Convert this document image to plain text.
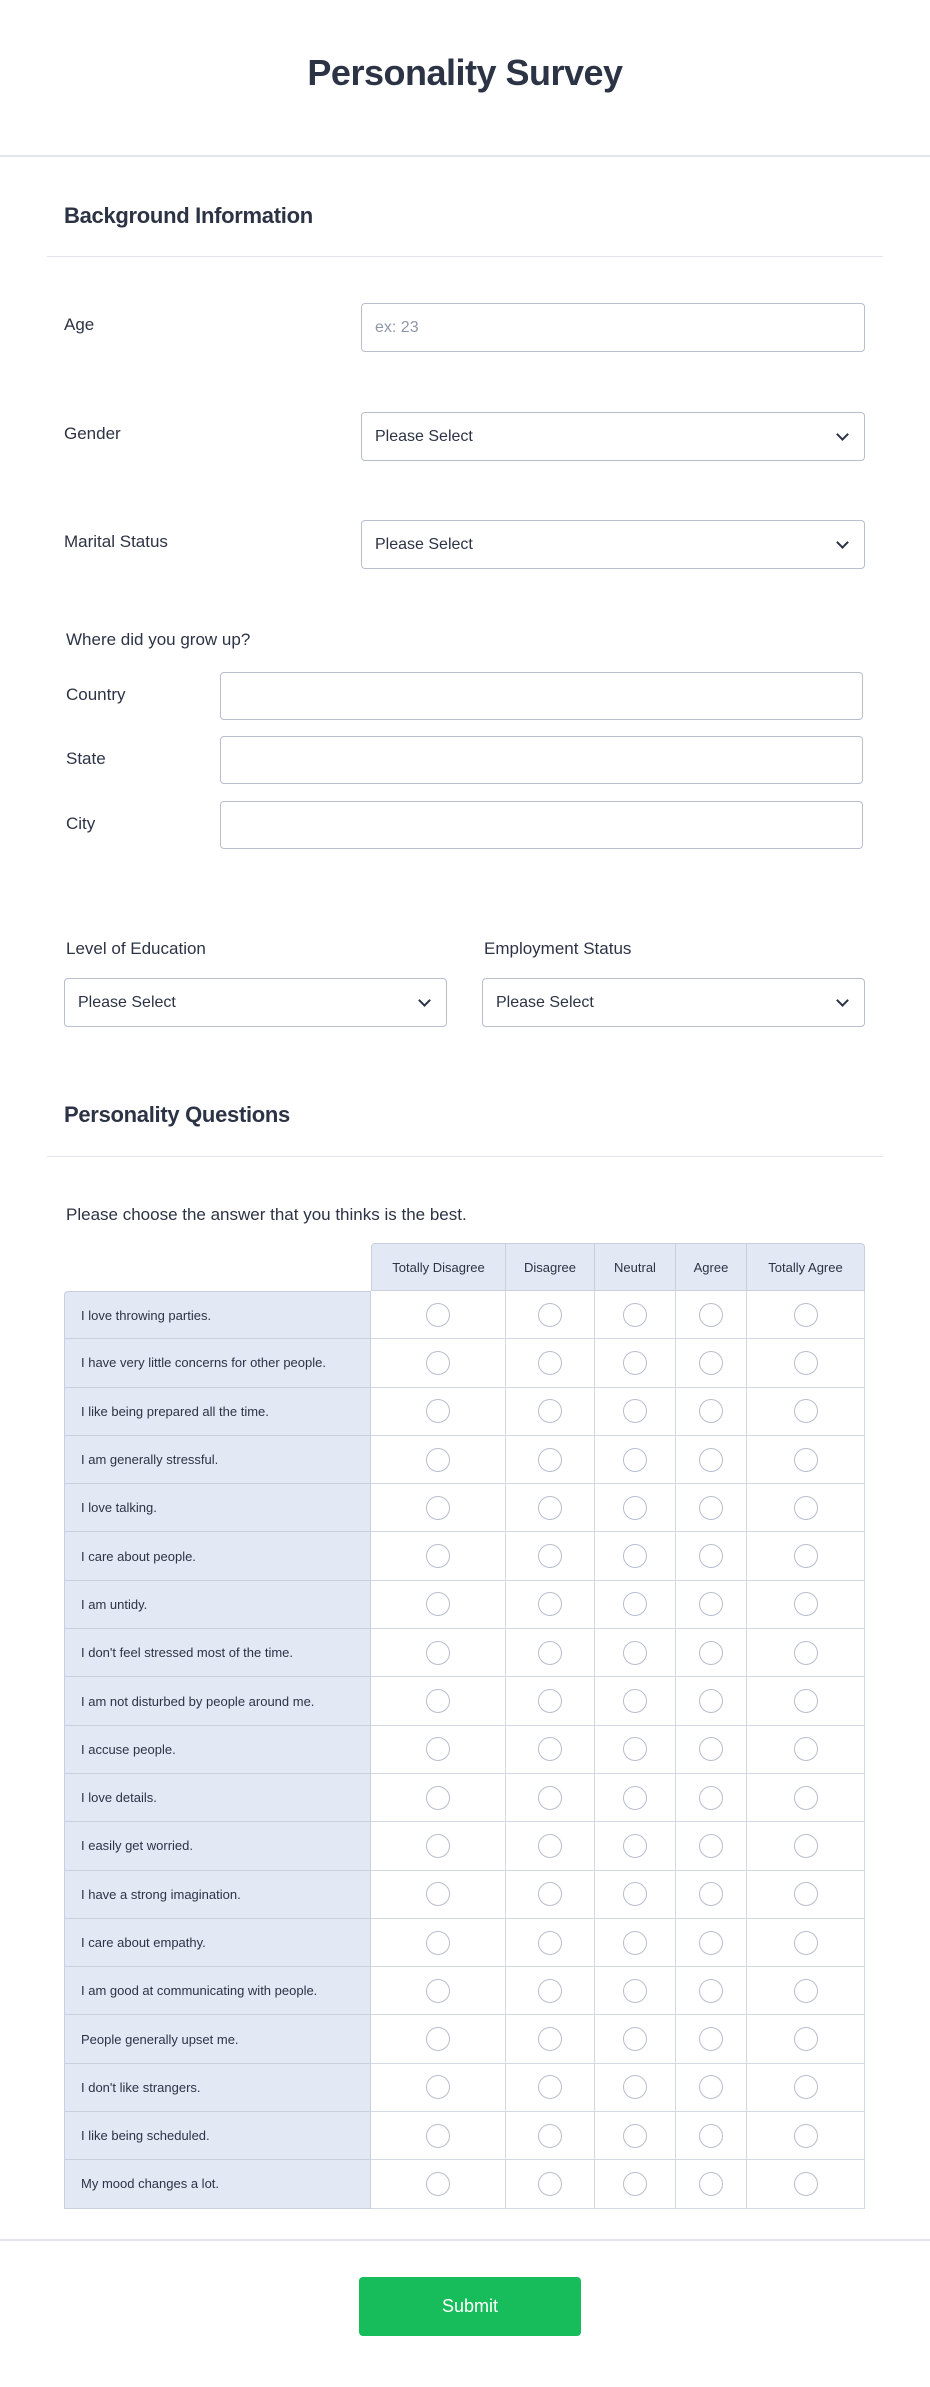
Personality Survey
Background Information
Age	ex: 23
Gender	Please Select
Marital Status	Please Select
Where did you grow up?
Country
State
City
Level of Education
Please Select
Employment Status
Please Select
Personality Questions
Please choose the answer that you thinks is the best.
Totally Disagree	Disagree	Neutral	Agree	Totally Agree
I love throwing parties.
I have very little concerns for other people.
I like being prepared all the time.
I am generally stressful.
I love talking.
I care about people.
I am untidy.
I don't feel stressed most of the time.
I am not disturbed by people around me.
I accuse people.
I love details.
I easily get worried.
I have a strong imagination.
I care about empathy.
I am good at communicating with people.
People generally upset me.
I don't like strangers.
I like being scheduled.
My mood changes a lot.
Submit
